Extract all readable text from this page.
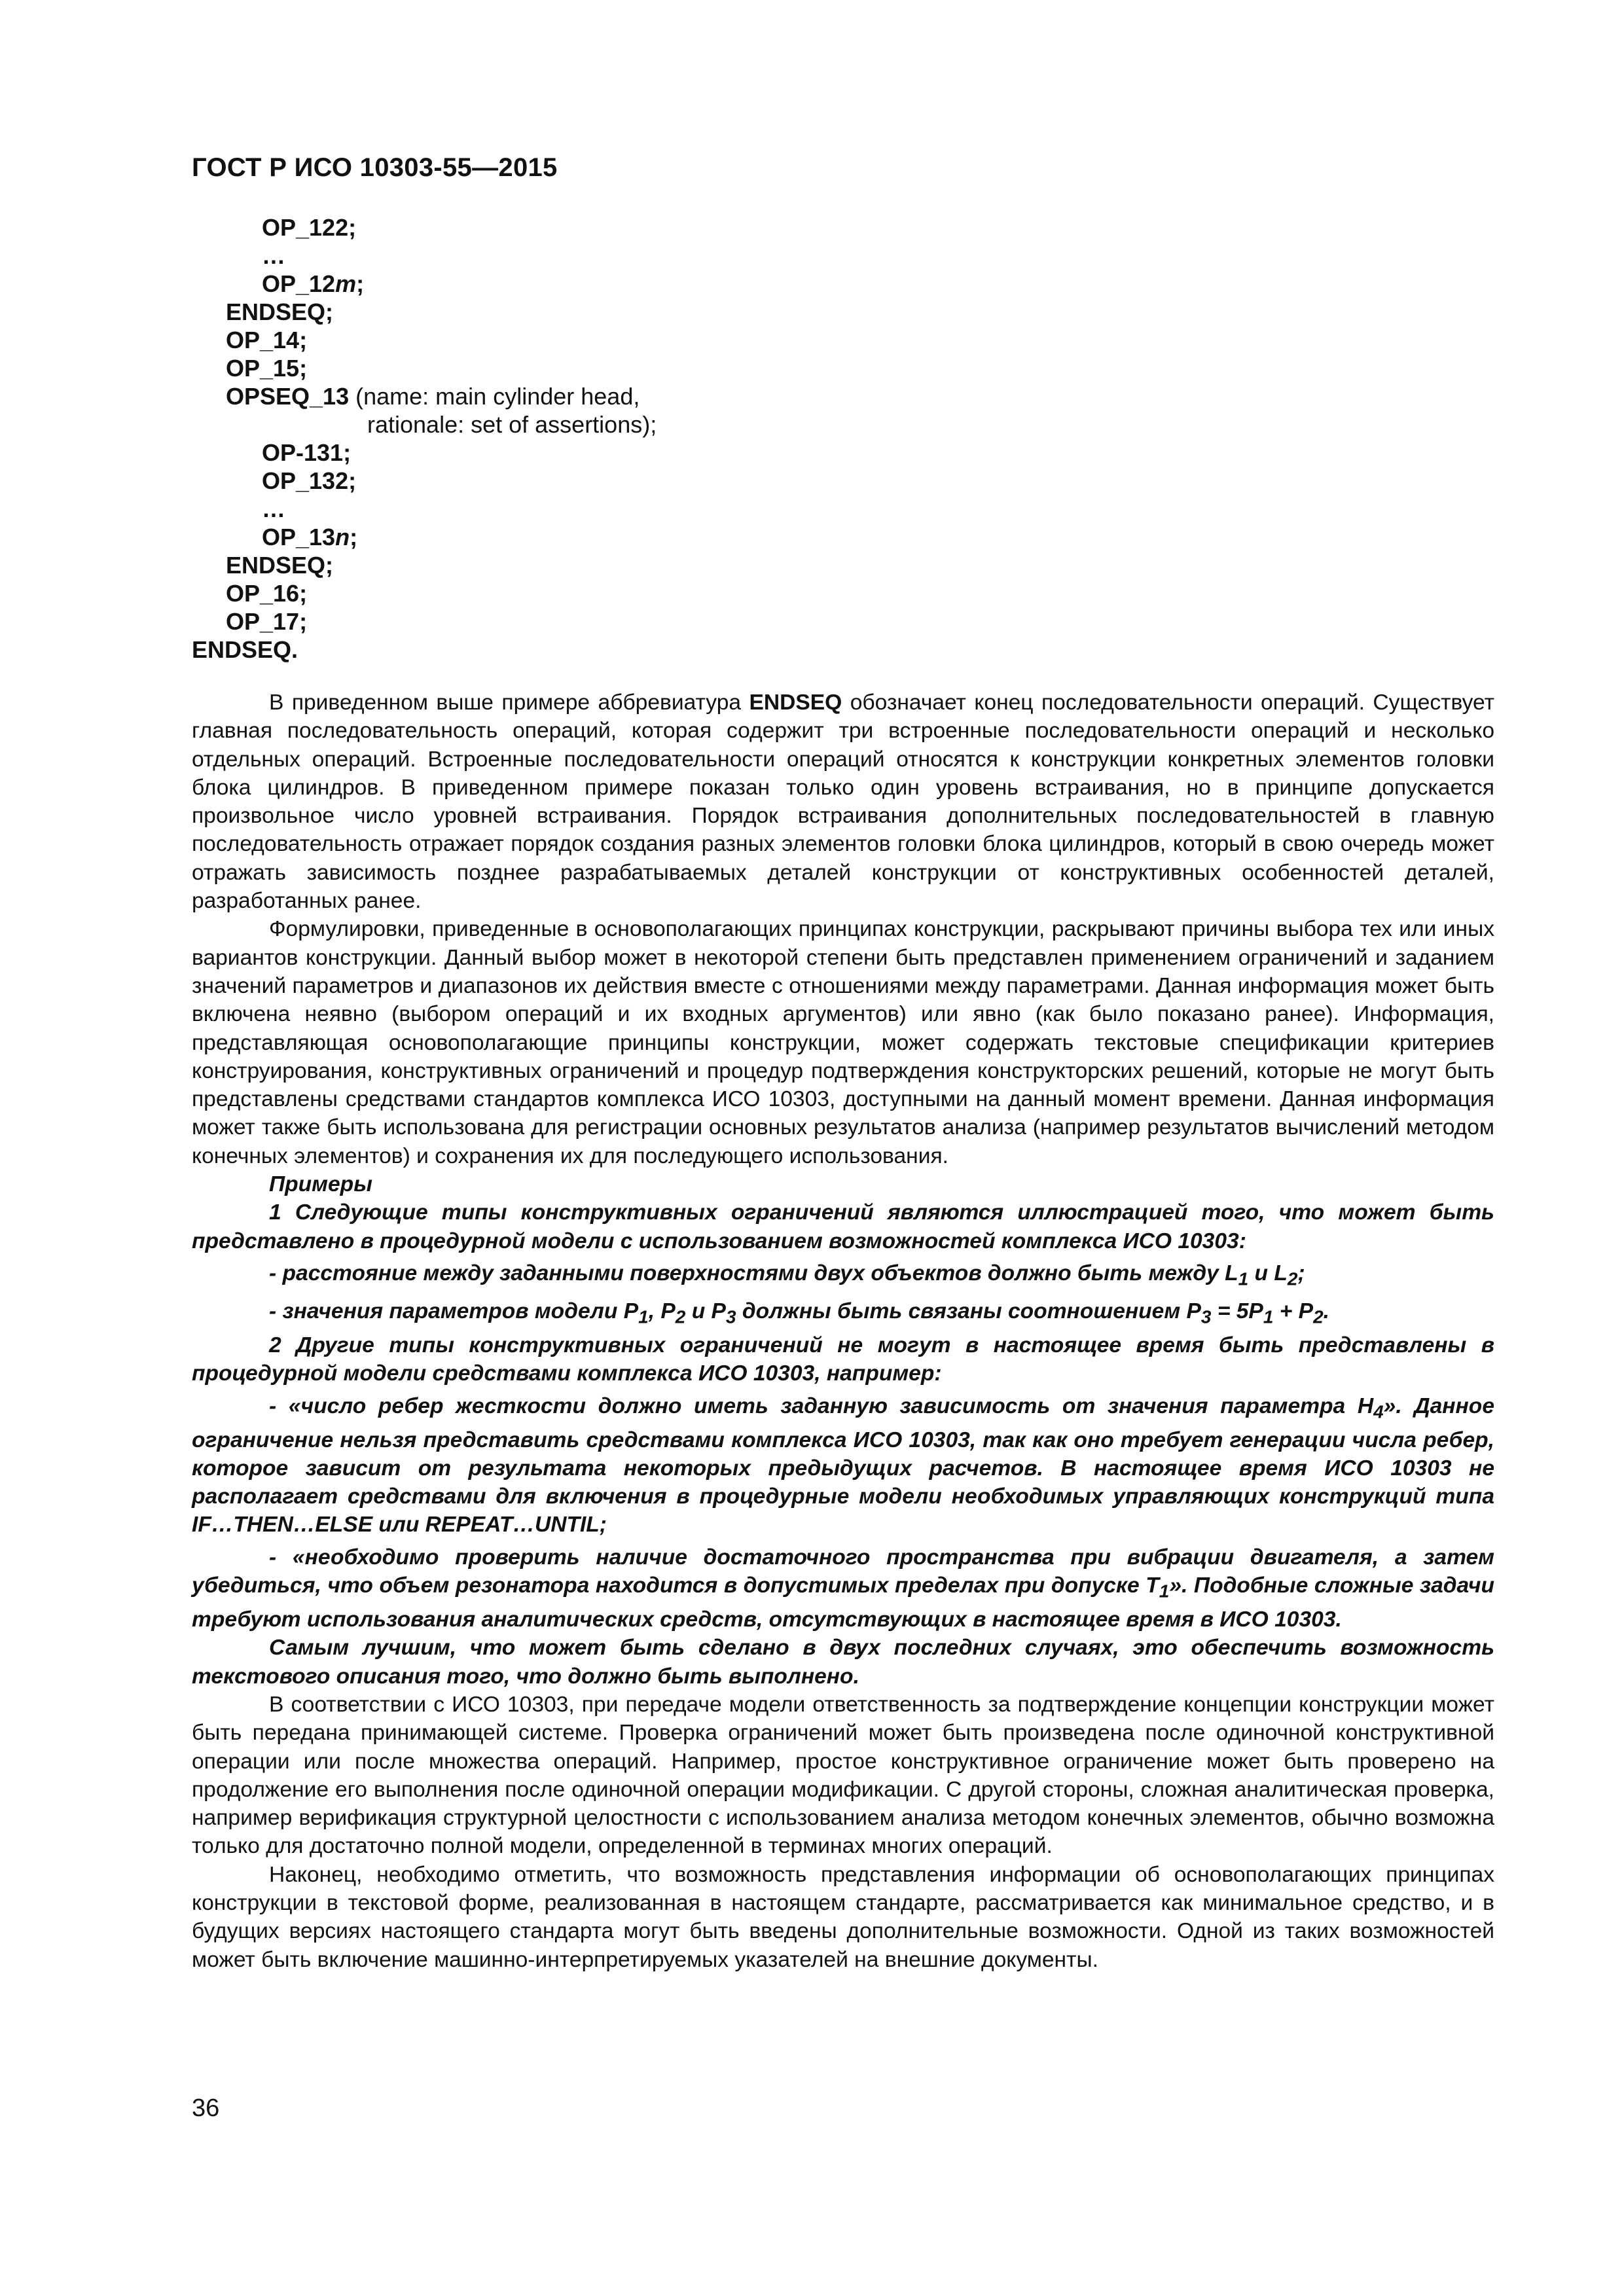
ГОСТ Р ИСО 10303-55—2015
OP_122;
…
OP_12m;
ENDSEQ;
OP_14;
OP_15;
OPSEQ_13 (name: main cylinder head,
rationale: set of assertions);
OP-131;
OP_132;
…
OP_13n;
ENDSEQ;
OP_16;
OP_17;
ENDSEQ.

В приведенном выше примере аббревиатура ENDSEQ обозначает конец последовательности операций. Существует главная последовательность операций, которая содержит три встроенные последовательности операций и несколько отдельных операций. Встроенные последовательности операций относятся к конструкции конкретных элементов головки блока цилиндров. В приведенном примере показан только один уровень встраивания, но в принципе допускается произвольное число уровней встраивания. Порядок встраивания дополнительных последовательностей в главную последовательность отражает порядок создания разных элементов головки блока цилиндров, который в свою очередь может отражать зависимость позднее разрабатываемых деталей конструкции от конструктивных особенностей деталей, разработанных ранее.

Формулировки, приведенные в основополагающих принципах конструкции, раскрывают причины выбора тех или иных вариантов конструкции. Данный выбор может в некоторой степени быть представлен применением ограничений и заданием значений параметров и диапазонов их действия вместе с отношениями между параметрами. Данная информация может быть включена неявно (выбором операций и их входных аргументов) или явно (как было показано ранее). Информация, представляющая основополагающие принципы конструкции, может содержать текстовые спецификации критериев конструирования, конструктивных ограничений и процедур подтверждения конструкторских решений, которые не могут быть представлены средствами стандартов комплекса ИСО 10303, доступными на данный момент времени. Данная информация может также быть использована для регистрации основных результатов анализа (например результатов вычислений методом конечных элементов) и сохранения их для последующего использования.

Примеры

1 Следующие типы конструктивных ограничений являются иллюстрацией того, что может быть представлено в процедурной модели с использованием возможностей комплекса ИСО 10303:

- расстояние между заданными поверхностями двух объектов должно быть между $L_1$ и $L_2$;

- значения параметров модели $P_1$, $P_2$ и $P_3$ должны быть связаны соотношением $P_3 = 5P_1 + P_2$.

2 Другие типы конструктивных ограничений не могут в настоящее время быть представлены в процедурной модели средствами комплекса ИСО 10303, например:

- «число ребер жесткости должно иметь заданную зависимость от значения параметра $H_4$». Данное ограничение нельзя представить средствами комплекса ИСО 10303, так как оно требует генерации числа ребер, которое зависит от результата некоторых предыдущих расчетов. В настоящее время ИСО 10303 не располагает средствами для включения в процедурные модели необходимых управляющих конструкций типа IF…THEN…ELSE или REPEAT…UNTIL;

- «необходимо проверить наличие достаточного пространства при вибрации двигателя, а затем убедиться, что объем резонатора находится в допустимых пределах при допуске $T_1$». Подобные сложные задачи требуют использования аналитических средств, отсутствующих в настоящее время в ИСО 10303.

Самым лучшим, что может быть сделано в двух последних случаях, это обеспечить возможность текстового описания того, что должно быть выполнено.

В соответствии с ИСО 10303, при передаче модели ответственность за подтверждение концепции конструкции может быть передана принимающей системе. Проверка ограничений может быть произведена после одиночной конструктивной операции или после множества операций. Например, простое конструктивное ограничение может быть проверено на продолжение его выполнения после одиночной операции модификации. С другой стороны, сложная аналитическая проверка, например верификация структурной целостности с использованием анализа методом конечных элементов, обычно возможна только для достаточно полной модели, определенной в терминах многих операций.

Наконец, необходимо отметить, что возможность представления информации об основополагающих принципах конструкции в текстовой форме, реализованная в настоящем стандарте, рассматривается как минимальное средство, и в будущих версиях настоящего стандарта могут быть введены дополнительные возможности. Одной из таких возможностей может быть включение машинно-интерпретируемых указателей на внешние документы.

36
